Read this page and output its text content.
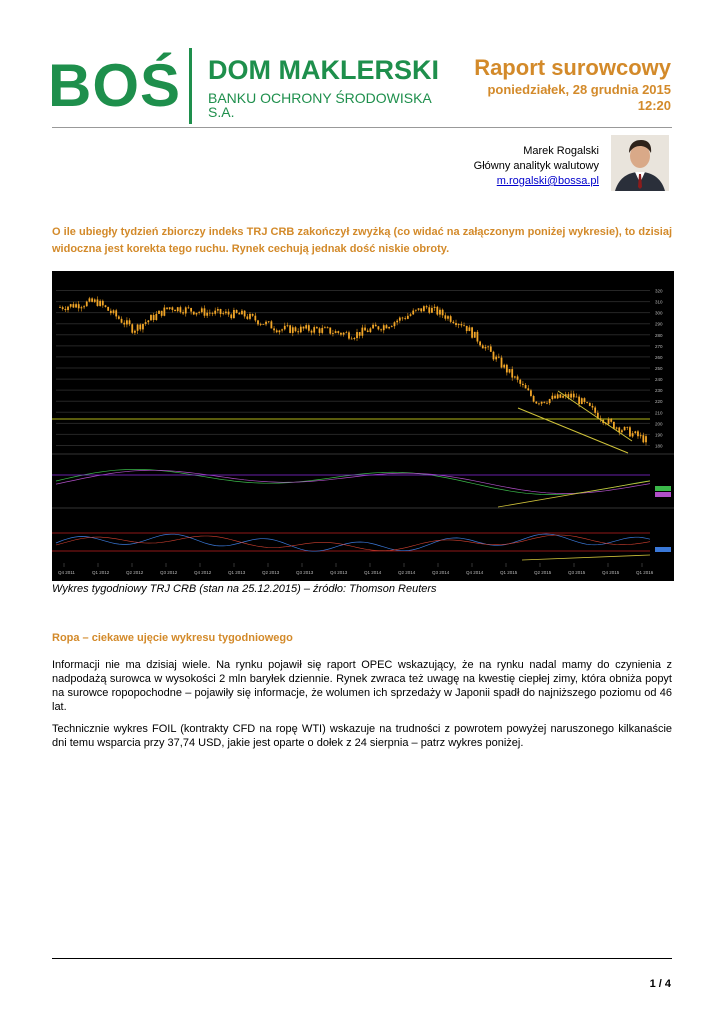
BOŚ DOM MAKLERSKI
BANKU OCHRONY ŚRODOWISKA S.A.
Raport surowcowy
poniedziałek, 28 grudnia 2015
12:20
Marek Rogalski
Główny analityk walutowy
m.rogalski@bossa.pl
O ile ubiegły tydzień zbiorczy indeks TRJ CRB zakończył zwyżką (co widać na załączonym poniżej wykresie), to dzisiaj widoczna jest korekta tego ruchu. Rynek cechują jednak dość niskie obroty.
320
310
300
290
280
270
260
250
240
230
220
210
200
190
180
Q4 2011	Q1 2012	Q2 2012	Q3 2012	Q4 2012	Q1 2013	Q2 2013	Q3 2013	Q4 2013	Q1 2014	Q2 2014	Q3 2014	Q4 2014	Q1 2015	Q2 2015	Q3 2015	Q4 2015	Q1 2016
Wykres tygodniowy TRJ CRB (stan na 25.12.2015) – źródło: Thomson Reuters
Ropa – ciekawe ujęcie wykresu tygodniowego
Informacji nie ma dzisiaj wiele. Na rynku pojawił się raport OPEC wskazujący, że na rynku nadal mamy do czynienia z nadpodażą surowca w wysokości 2 mln baryłek dziennie. Rynek zwraca też uwagę na kwestię ciepłej zimy, która obniża popyt na surowce ropopochodne – pojawiły się informacje, że wolumen ich sprzedaży w Japonii spadł do najniższego poziomu od 46 lat.
Technicznie wykres FOIL (kontrakty CFD na ropę WTI) wskazuje na trudności z powrotem powyżej naruszonego kilkanaście dni temu wsparcia przy 37,74 USD, jakie jest oparte o dołek z 24 sierpnia – patrz wykres poniżej.
1 / 4
